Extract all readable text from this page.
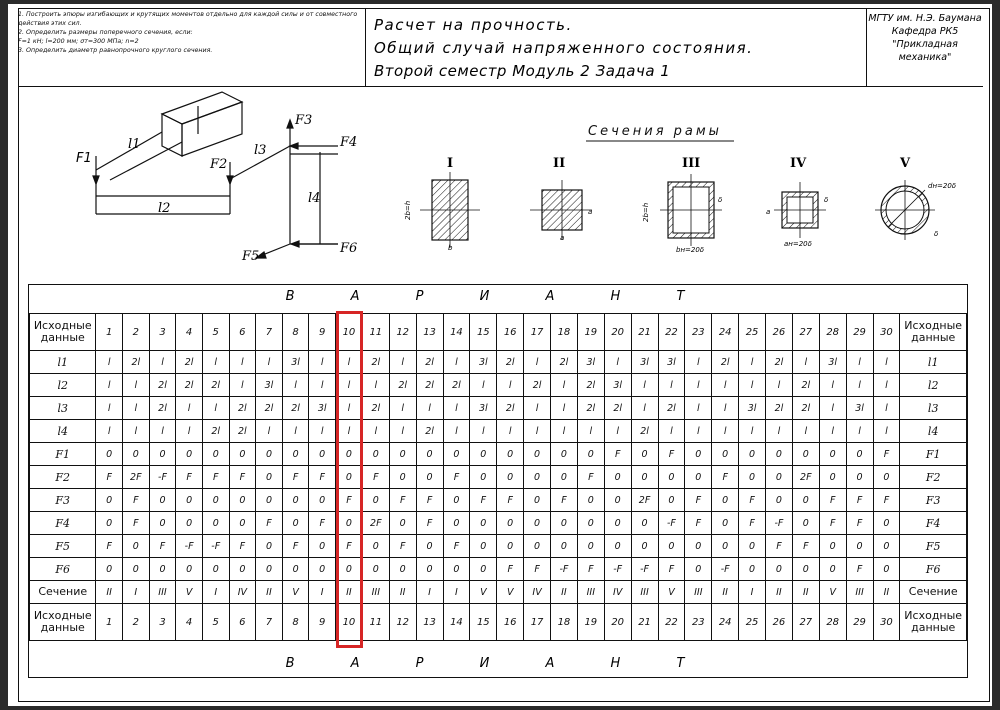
1. Построить эпюры изгибающих и крутящих моментов отдельно для каждой силы и от совместного
действия этих сил.
2. Определить размеры поперечного сечения, если:
F=1 кН; l=200 мм; σт=300 МПа; n=2
3. Определить диаметр равнопрочного круглого сечения.
Расчет на прочность.
Общий случай напряженного состояния.
Второй семестр Модуль 2 Задача 1
МГТУ им. Н.Э. Баумана
Кафедра РК5
"Прикладная механика"
F1
l1
F2
l2
l3
F3
F4
l4
F6
F5
Сечения рамы
I	II	III	IV	V
2b=h
b
a
a	2b=h
δ
bн=20δ
a
δ
aн=20δ
dн=20δ
δ
В А Р И А Н Т
Исходные данные	1	2	3	4	5	6	7	8	9	10	11	12	13	14	15	16	17	18	19	20	21	22	23	24	25	26	27	28	29	30	Исходные данные
l1	l	2l	l	2l	l	l	l	3l	l	l	2l	l	2l	l	3l	2l	l	2l	3l	l	3l	3l	l	2l	l	2l	l	3l	l	l	l1
l2	l	l	2l	2l	2l	l	3l	l	l	l	l	2l	2l	2l	l	l	2l	l	2l	3l	l	l	l	l	l	l	2l	l	l	l	l2
l3	l	l	2l	l	l	2l	2l	2l	3l	l	2l	l	l	l	3l	2l	l	l	2l	2l	l	2l	l	l	3l	2l	2l	l	3l	l	l3
l4	l	l	l	l	2l	2l	l	l	l	l	l	l	2l	l	l	l	l	l	l	l	2l	l	l	l	l	l	l	l	l	l	l4
F1	0	0	0	0	0	0	0	0	0	0	0	0	0	0	0	0	0	0	0	F	0	F	0	0	0	0	0	0	0	F	F1
F2	F	2F	-F	F	F	F	0	F	F	0	F	0	0	F	0	0	0	0	F	0	0	0	0	F	0	0	2F	0	0	0	F2
F3	0	F	0	0	0	0	0	0	0	F	0	F	F	0	F	F	0	F	0	0	2F	0	F	0	F	0	0	F	F	F	F3
F4	0	F	0	0	0	0	F	0	F	0	2F	0	F	0	0	0	0	0	0	0	0	-F	F	0	F	-F	0	F	F	0	F4
F5	F	0	F	-F	-F	F	0	F	0	F	0	F	0	F	0	0	0	0	0	0	0	0	0	0	0	F	F	0	0	0	F5
F6	0	0	0	0	0	0	0	0	0	0	0	0	0	0	0	F	F	-F	F	-F	-F	F	0	-F	0	0	0	0	F	0	F6
Сечение	II	I	III	V	I	IV	II	V	I	II	III	II	I	I	V	V	IV	II	III	IV	III	V	III	II	I	II	II	V	III	II	Сечение
Исходные данные	1	2	3	4	5	6	7	8	9	10	11	12	13	14	15	16	17	18	19	20	21	22	23	24	25	26	27	28	29	30	Исходные данные
В А Р И А Н Т
